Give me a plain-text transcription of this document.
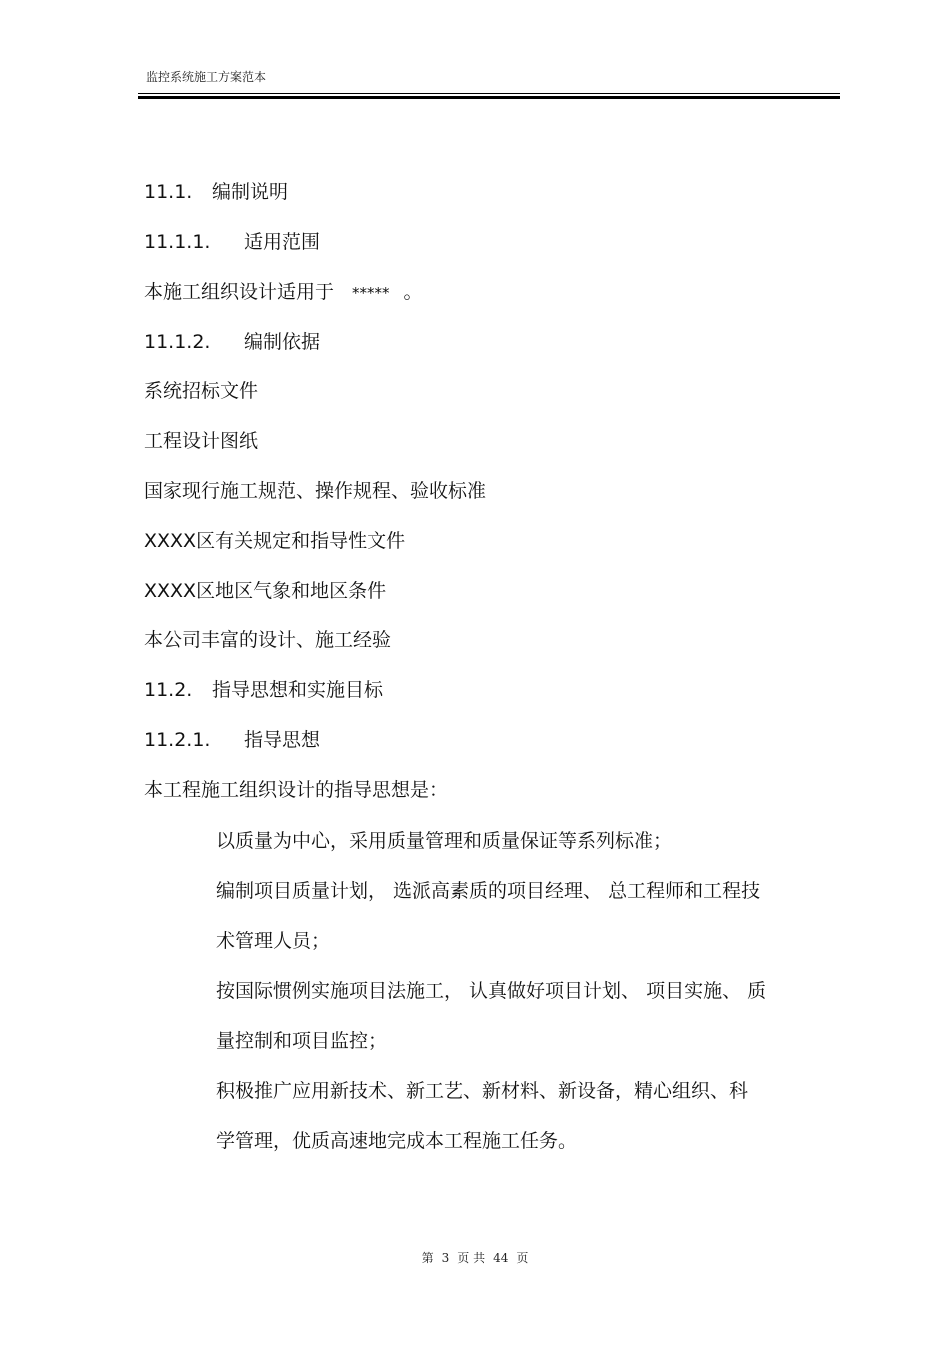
监控系统施工方案范本
11.1. 编制说明
11.1.1. 适用范围
本施工组织设计适用于 ***** 。
11.1.2. 编制依据
系统招标文件
工程设计图纸
国家现行施工规范、操作规程、验收标准
XXXX区有关规定和指导性文件
XXXX区地区气象和地区条件
本公司丰富的设计、施工经验
11.2. 指导思想和实施目标
11.2.1. 指导思想
本工程施工组织设计的指导思想是：
以质量为中心，采用质量管理和质量保证等系列标准；
编制项目质量计划， 选派高素质的项目经理、 总工程师和工程技
术管理人员；
按国际惯例实施项目法施工， 认真做好项目计划、 项目实施、 质
量控制和项目监控；
积极推广应用新技术、新工艺、新材料、新设备，精心组织、科
学管理，优质高速地完成本工程施工任务。
第 3 页 共 44 页
